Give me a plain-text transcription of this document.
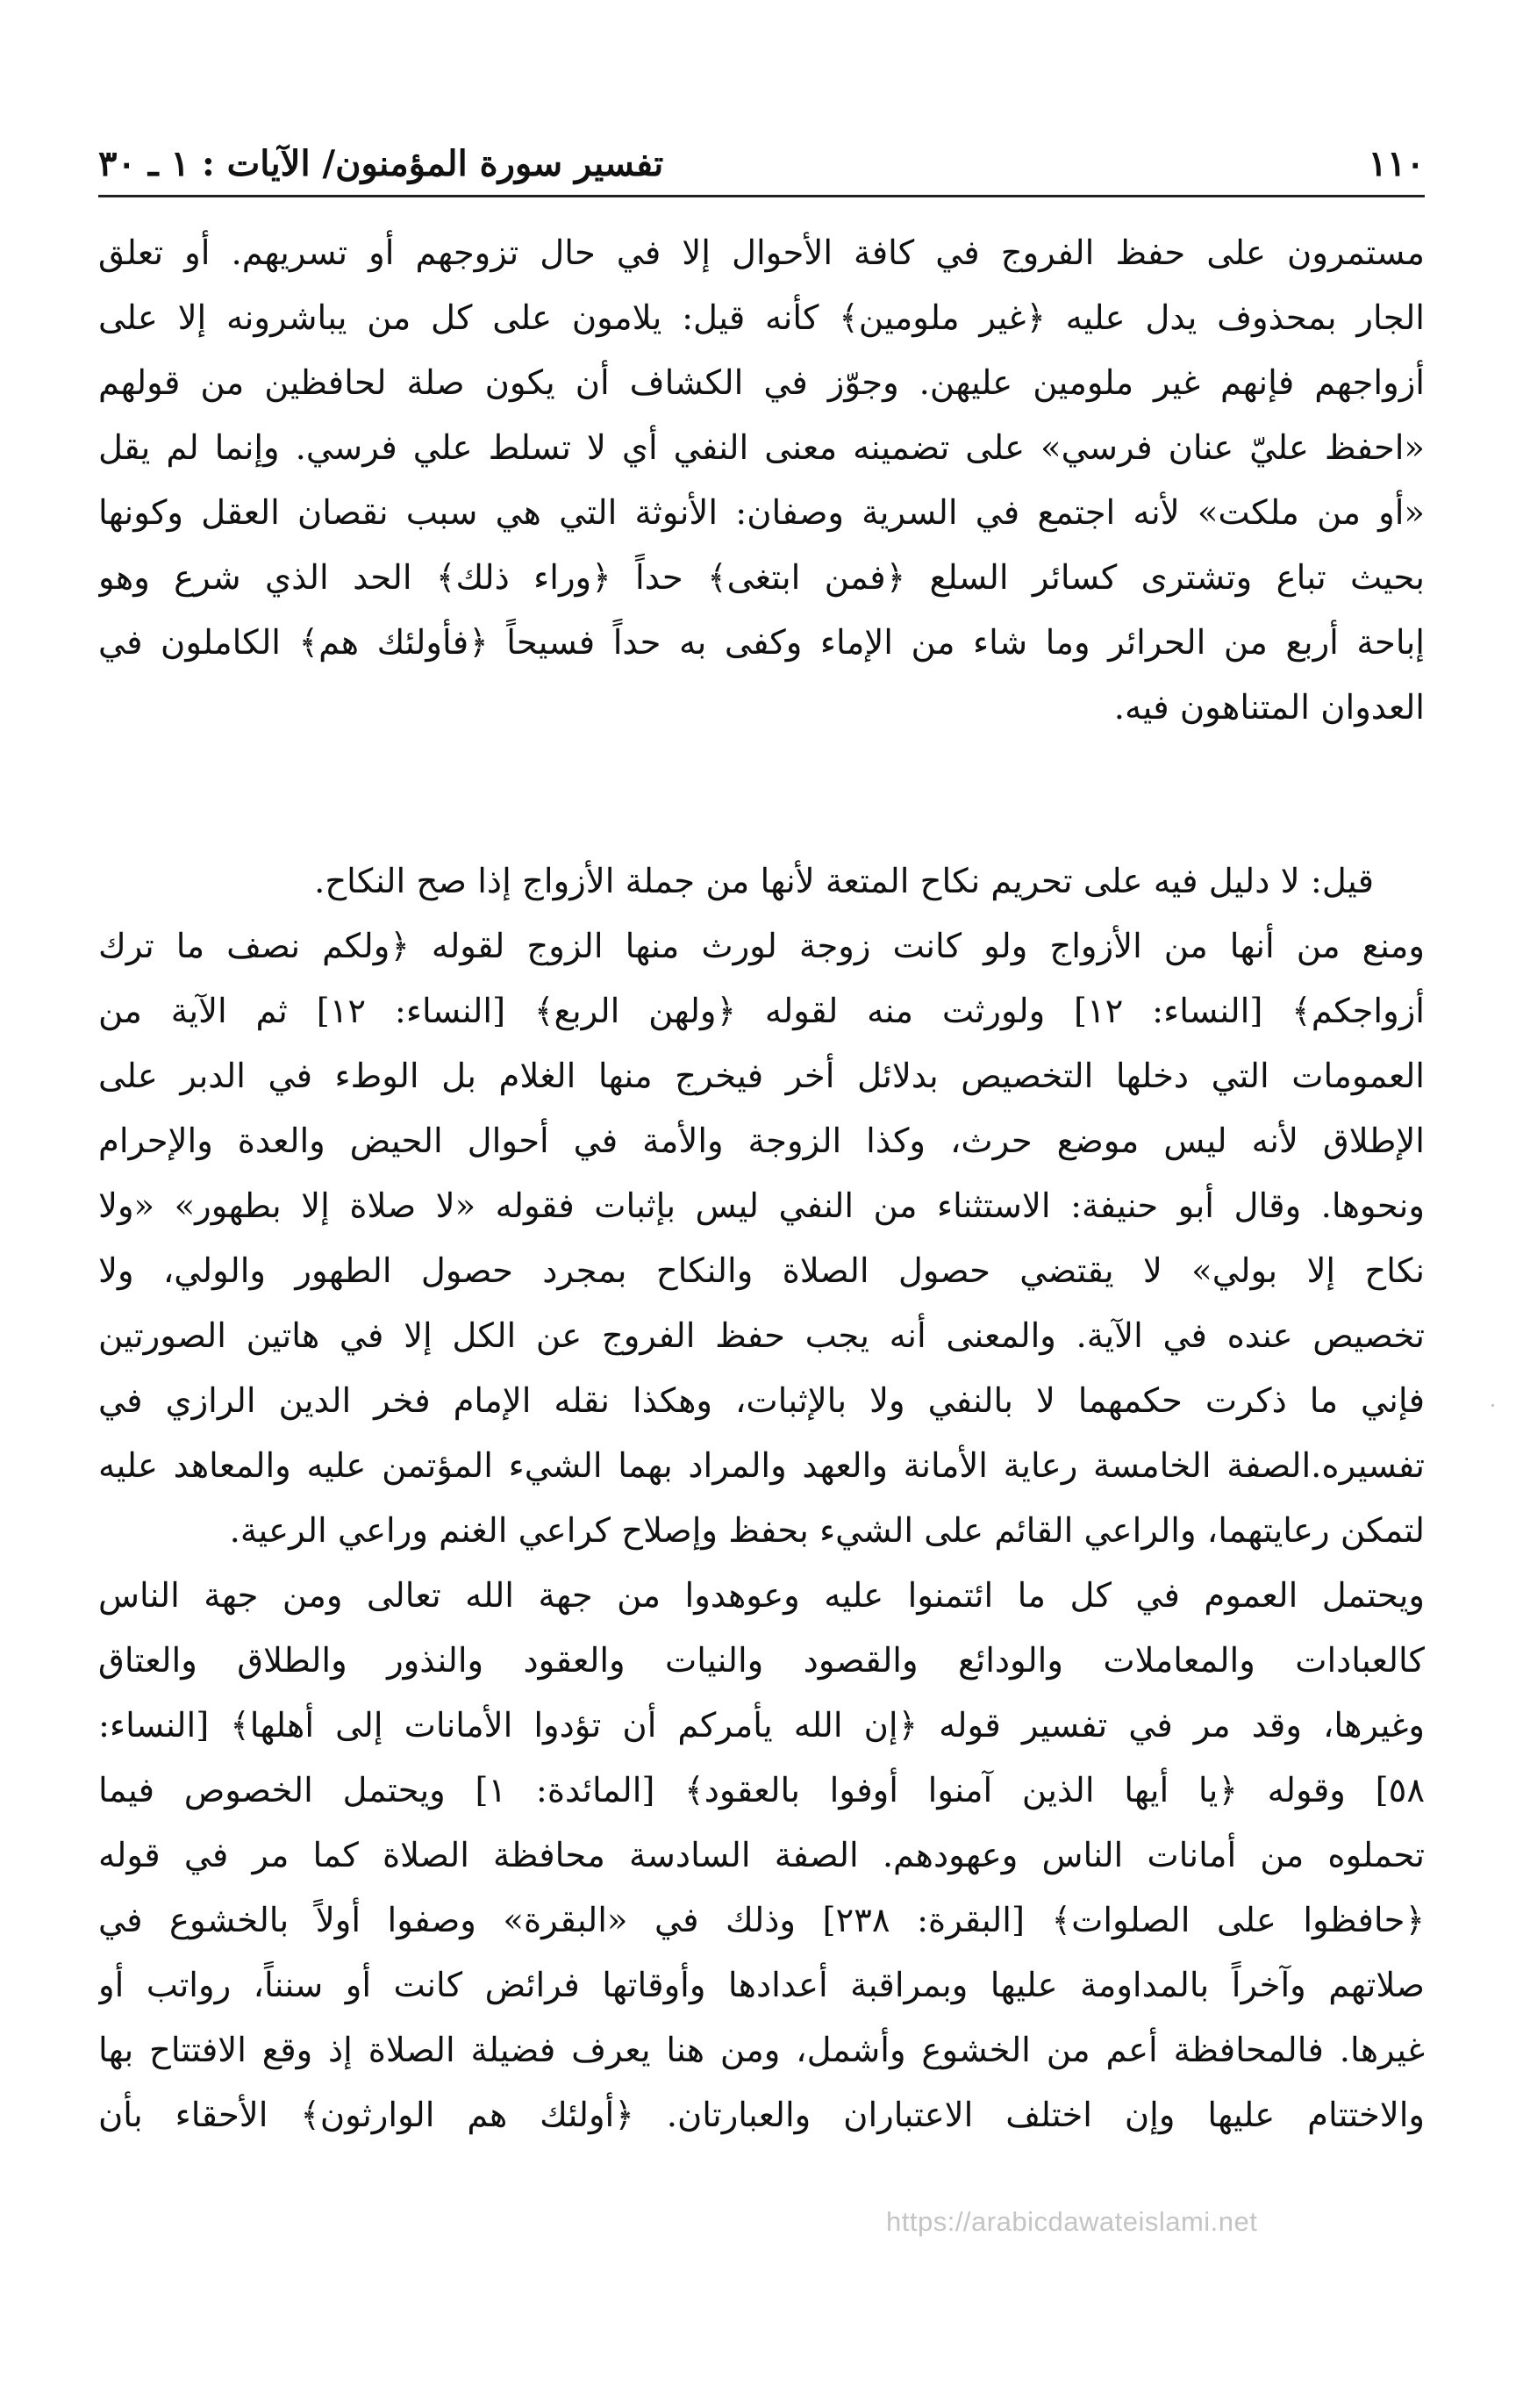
١١٠
تفسير سورة المؤمنون/ الآيات : ١ ـ ٣٠
مستمرون على حفظ الفروج في كافة الأحوال إلا في حال تزوجهم أو تسريهم. أو تعلق
الجار بمحذوف يدل عليه ﴿غير ملومين﴾ كأنه قيل: يلامون على كل من يباشرونه إلا على
أزواجهم فإنهم غير ملومين عليهن. وجوّز في الكشاف أن يكون صلة لحافظين من قولهم
«احفظ عليّ عنان فرسي» على تضمينه معنى النفي أي لا تسلط علي فرسي. وإنما لم يقل
«أو من ملكت» لأنه اجتمع في السرية وصفان: الأنوثة التي هي سبب نقصان العقل وكونها
بحيث تباع وتشترى كسائر السلع ﴿فمن ابتغى﴾ حداً ﴿وراء ذلك﴾ الحد الذي شرع وهو
إباحة أربع من الحرائر وما شاء من الإماء وكفى به حداً فسيحاً ﴿فأولئك هم﴾ الكاملون في
العدوان المتناهون فيه.
قيل: لا دليل فيه على تحريم نكاح المتعة لأنها من جملة الأزواج إذا صح النكاح.
ومنع من أنها من الأزواج ولو كانت زوجة لورث منها الزوج لقوله ﴿ولكم نصف ما ترك
أزواجكم﴾ [النساء: ١٢] ولورثت منه لقوله ﴿ولهن الربع﴾ [النساء: ١٢] ثم الآية من
العمومات التي دخلها التخصيص بدلائل أخر فيخرج منها الغلام بل الوطء في الدبر على
الإطلاق لأنه ليس موضع حرث، وكذا الزوجة والأمة في أحوال الحيض والعدة والإحرام
ونحوها. وقال أبو حنيفة: الاستثناء من النفي ليس بإثبات فقوله «لا صلاة إلا بطهور» «ولا
نكاح إلا بولي» لا يقتضي حصول الصلاة والنكاح بمجرد حصول الطهور والولي، ولا
تخصيص عنده في الآية. والمعنى أنه يجب حفظ الفروج عن الكل إلا في هاتين الصورتين
فإني ما ذكرت حكمهما لا بالنفي ولا بالإثبات، وهكذا نقله الإمام فخر الدين الرازي في
تفسيره.الصفة الخامسة رعاية الأمانة والعهد والمراد بهما الشيء المؤتمن عليه والمعاهد عليه
لتمكن رعايتهما، والراعي القائم على الشيء بحفظ وإصلاح كراعي الغنم وراعي الرعية.
ويحتمل العموم في كل ما ائتمنوا عليه وعوهدوا من جهة الله تعالى ومن جهة الناس
كالعبادات والمعاملات والودائع والقصود والنيات والعقود والنذور والطلاق والعتاق
وغيرها، وقد مر في تفسير قوله ﴿إن الله يأمركم أن تؤدوا الأمانات إلى أهلها﴾ [النساء:
٥٨] وقوله ﴿يا أيها الذين آمنوا أوفوا بالعقود﴾ [المائدة: ١] ويحتمل الخصوص فيما
تحملوه من أمانات الناس وعهودهم. الصفة السادسة محافظة الصلاة كما مر في قوله
﴿حافظوا على الصلوات﴾ [البقرة: ٢٣٨] وذلك في «البقرة» وصفوا أولاً بالخشوع في
صلاتهم وآخراً بالمداومة عليها وبمراقبة أعدادها وأوقاتها فرائض كانت أو سنناً، رواتب أو
غيرها. فالمحافظة أعم من الخشوع وأشمل، ومن هنا يعرف فضيلة الصلاة إذ وقع الافتتاح بها
والاختتام عليها وإن اختلف الاعتباران والعبارتان. ﴿أولئك هم الوارثون﴾ الأحقاء بأن
https://arabicdawateislami.net
